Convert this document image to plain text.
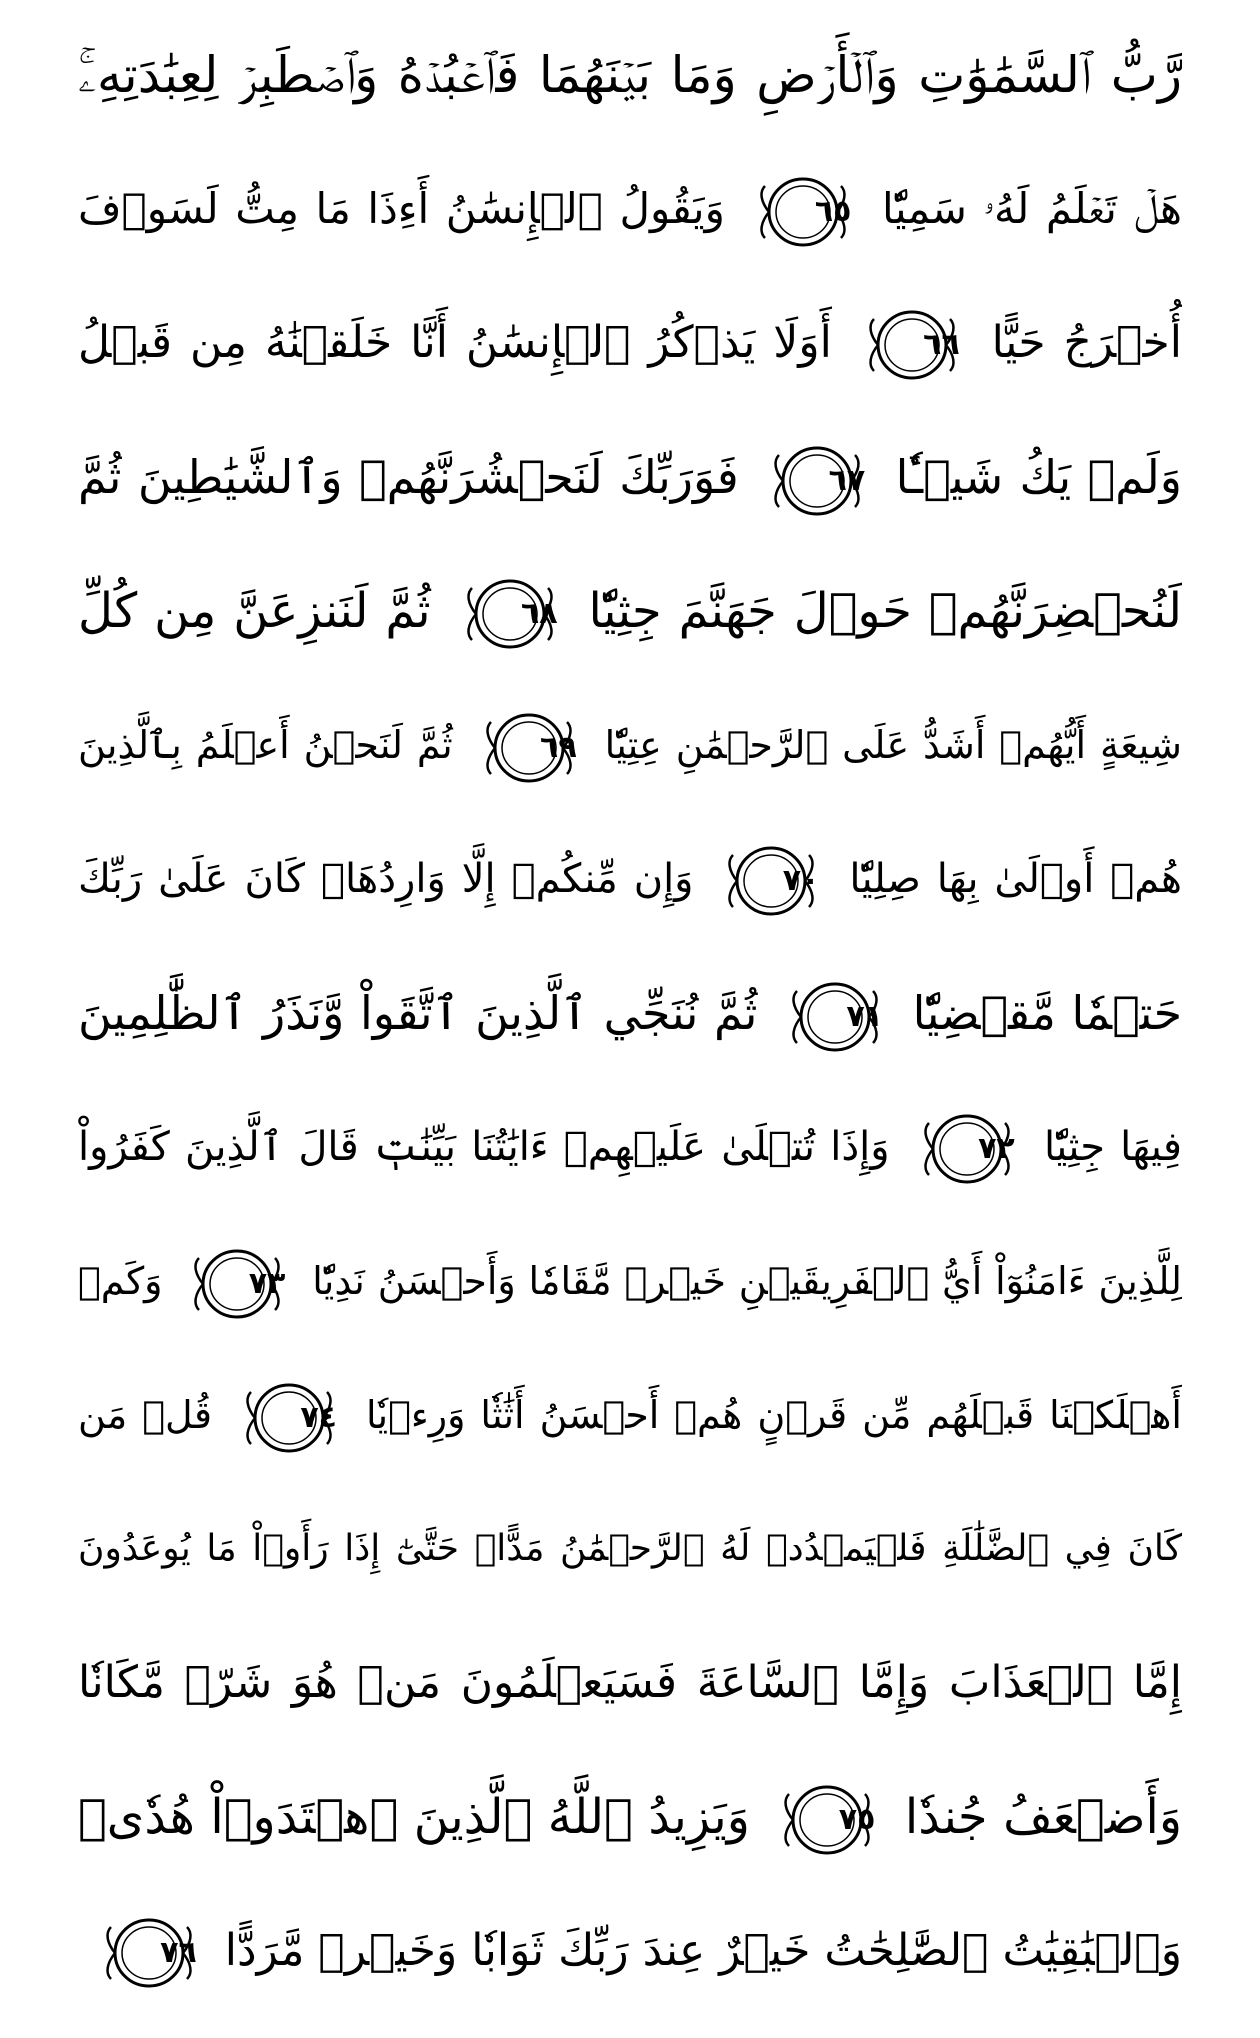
رَّبُّ ٱلسَّمَٰوَٰتِ وَٱلۡأَرۡضِ وَمَا بَيۡنَهُمَا فَٱعۡبُدۡهُ وَٱصۡطَبِرۡ لِعِبَٰدَتِهِۦۚ
هَلۡ تَعۡلَمُ لَهُۥ سَمِيّٗا
٦٥
وَيَقُولُ ٱلۡإِنسَٰنُ أَءِذَا مَا مِتُّ لَسَوۡفَ
أُخۡرَجُ حَيًّا
٦٦
أَوَلَا يَذۡكُرُ ٱلۡإِنسَٰنُ أَنَّا خَلَقۡنَٰهُ مِن قَبۡلُ
وَلَمۡ يَكُ شَيۡـٔٗا
٦٧
فَوَرَبِّكَ لَنَحۡشُرَنَّهُمۡ وَٱلشَّيَٰطِينَ ثُمَّ
لَنُحۡضِرَنَّهُمۡ حَوۡلَ جَهَنَّمَ جِثِيّٗا
٦٨
ثُمَّ لَنَنزِعَنَّ مِن كُلِّ
شِيعَةٍ أَيُّهُمۡ أَشَدُّ عَلَى ٱلرَّحۡمَٰنِ عِتِيّٗا
٦٩
ثُمَّ لَنَحۡنُ أَعۡلَمُ بِٱلَّذِينَ
هُمۡ أَوۡلَىٰ بِهَا صِلِيّٗا
٧٠
وَإِن مِّنكُمۡ إِلَّا وَارِدُهَاۚ كَانَ عَلَىٰ رَبِّكَ
حَتۡمٗا مَّقۡضِيّٗا
٧١
ثُمَّ نُنَجِّي ٱلَّذِينَ ٱتَّقَواْ وَّنَذَرُ ٱلظَّٰلِمِينَ
فِيهَا جِثِيّٗا
٧٢
وَإِذَا تُتۡلَىٰ عَلَيۡهِمۡ ءَايَٰتُنَا بَيِّنَٰتٖ قَالَ ٱلَّذِينَ كَفَرُواْ
لِلَّذِينَ ءَامَنُوٓاْ أَيُّ ٱلۡفَرِيقَيۡنِ خَيۡرٞ مَّقَامٗا وَأَحۡسَنُ نَدِيّٗا
٧٣
وَكَمۡ
أَهۡلَكۡنَا قَبۡلَهُم مِّن قَرۡنٍ هُمۡ أَحۡسَنُ أَثَٰثٗا وَرِءۡيٗا
٧٤
قُلۡ مَن
كَانَ فِي ٱلضَّلَٰلَةِ فَلۡيَمۡدُدۡ لَهُ ٱلرَّحۡمَٰنُ مَدًّاۚ حَتَّىٰٓ إِذَا رَأَوۡاْ مَا يُوعَدُونَ
إِمَّا ٱلۡعَذَابَ وَإِمَّا ٱلسَّاعَةَ فَسَيَعۡلَمُونَ مَنۡ هُوَ شَرّٞ مَّكَانٗا
وَأَضۡعَفُ جُندٗا
٧٥
وَيَزِيدُ ٱللَّهُ ٱلَّذِينَ ٱهۡتَدَوۡاْ هُدٗىۗ
وَٱلۡبَٰقِيَٰتُ ٱلصَّٰلِحَٰتُ خَيۡرٌ عِندَ رَبِّكَ ثَوَابٗا وَخَيۡرٞ مَّرَدًّا
٧٦
